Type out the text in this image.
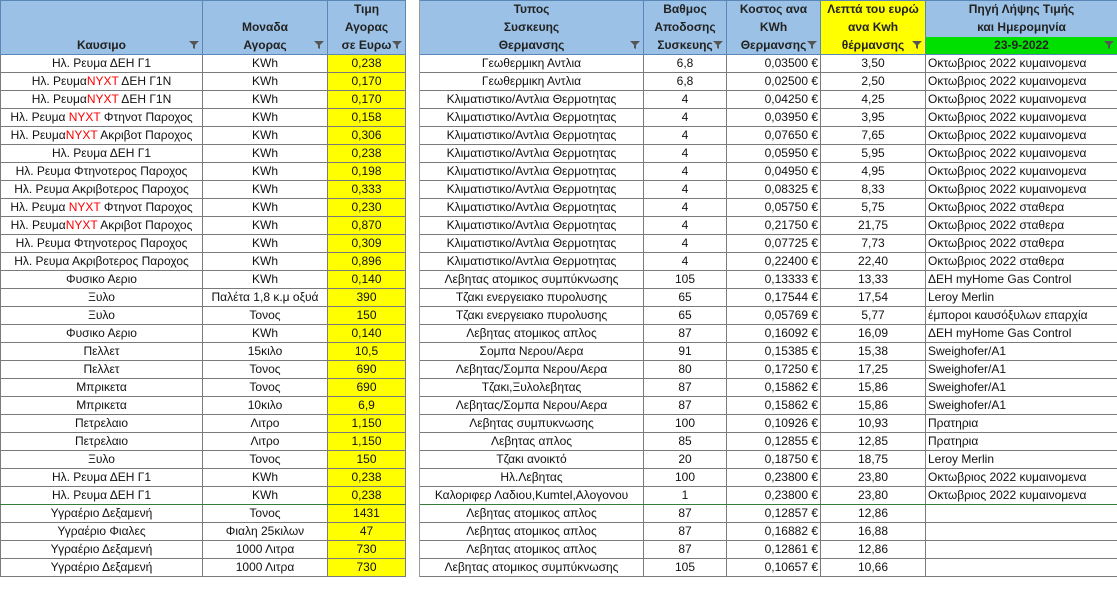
		Τιμη		Τυπος	Βαθμος	Κοστος ανα	Λεπτά του ευρώ	Πηγή Λήψης Τιμής
	Μοναδα	Αγορας		Συσκευης	Αποδοσης	KWh	ανα Kwh	και Ημερομηνία
Καυσιμο	Αγορας	σε Ευρω		Θερμανσης	Συσκευης	Θερμανσης	θέρμανσης	23-9-2022

Ηλ. Ρευμα ΔΕΗ Γ1	KWh	0,238		Γεωθερμικη Αντλια	6,8	0,03500 €	3,50	Οκτωβριος 2022 κυμαινομενα
Ηλ. ΡευμαΝΥΧΤ ΔΕΗ Γ1Ν	KWh	0,170		Γεωθερμικη Αντλια	6,8	0,02500 €	2,50	Οκτωβριος 2022 κυμαινομενα
Ηλ. ΡευμαΝΥΧΤ ΔΕΗ Γ1Ν	KWh	0,170		Κλιματιστικο/Αντλια Θερμοτητας	4	0,04250 €	4,25	Οκτωβριος 2022 κυμαινομενα
Ηλ. Ρευμα ΝΥΧΤ Φτηνοτ Παροχος	KWh	0,158		Κλιματιστικο/Αντλια Θερμοτητας	4	0,03950 €	3,95	Οκτωβριος 2022 κυμαινομενα
Ηλ. ΡευμαΝΥΧΤ Ακριβοτ Παροχος	KWh	0,306		Κλιματιστικο/Αντλια Θερμοτητας	4	0,07650 €	7,65	Οκτωβριος 2022 κυμαινομενα
Ηλ. Ρευμα ΔΕΗ Γ1	KWh	0,238		Κλιματιστικο/Αντλια Θερμοτητας	4	0,05950 €	5,95	Οκτωβριος 2022 κυμαινομενα
Ηλ. Ρευμα Φτηνοτερος Παροχος	KWh	0,198		Κλιματιστικο/Αντλια Θερμοτητας	4	0,04950 €	4,95	Οκτωβριος 2022 κυμαινομενα
Ηλ. Ρευμα Ακριβοτερος Παροχος	KWh	0,333		Κλιματιστικο/Αντλια Θερμοτητας	4	0,08325 €	8,33	Οκτωβριος 2022 κυμαινομενα
Ηλ. Ρευμα ΝΥΧΤ Φτηνοτ Παροχος	KWh	0,230		Κλιματιστικο/Αντλια Θερμοτητας	4	0,05750 €	5,75	Οκτωβριος 2022 σταθερα
Ηλ. ΡευμαΝΥΧΤ Ακριβοτ Παροχος	KWh	0,870		Κλιματιστικο/Αντλια Θερμοτητας	4	0,21750 €	21,75	Οκτωβριος 2022 σταθερα
Ηλ. Ρευμα Φτηνοτερος Παροχος	KWh	0,309		Κλιματιστικο/Αντλια Θερμοτητας	4	0,07725 €	7,73	Οκτωβριος 2022 σταθερα
Ηλ. Ρευμα Ακριβοτερος Παροχος	KWh	0,896		Κλιματιστικο/Αντλια Θερμοτητας	4	0,22400 €	22,40	Οκτωβριος 2022 σταθερα
Φυσικο Αεριο	KWh	0,140		Λεβητας ατομικος συμπύκνωσης	105	0,13333 €	13,33	ΔΕΗ myHome Gas Control
Ξυλο	Παλέτα 1,8 κ.μ οξυά	390		Τζακι ενεργειακο πυρολυσης	65	0,17544 €	17,54	Leroy Merlin
Ξυλο	Τονος	150		Τζακι ενεργειακο πυρολυσης	65	0,05769 €	5,77	έμποροι καυσόξυλων επαρχία
Φυσικο Αεριο	KWh	0,140		Λεβητας ατομικος απλος	87	0,16092 €	16,09	ΔΕΗ myHome Gas Control
Πελλετ	15κιλο	10,5		Σομπα Νερου/Αερα	91	0,15385 €	15,38	Sweighofer/A1
Πελλετ	Τονος	690		Λεβητας/Σομπα Νερου/Αερα	80	0,17250 €	17,25	Sweighofer/A1
Μπρικετα	Τονος	690		Τζακι,Ξυλολεβητας	87	0,15862 €	15,86	Sweighofer/A1
Μπρικετα	10κιλο	6,9		Λεβητας/Σομπα Νερου/Αερα	87	0,15862 €	15,86	Sweighofer/A1
Πετρελαιο	Λιτρο	1,150		Λεβητας συμπυκνωσης	100	0,10926 €	10,93	Πρατηρια
Πετρελαιο	Λιτρο	1,150		Λεβητας απλος	85	0,12855 €	12,85	Πρατηρια
Ξυλο	Τονος	150		Τζακι ανοικτό	20	0,18750 €	18,75	Leroy Merlin
Ηλ. Ρευμα ΔΕΗ Γ1	KWh	0,238		Ηλ.Λεβητας	100	0,23800 €	23,80	Οκτωβριος 2022 κυμαινομενα
Ηλ. Ρευμα ΔΕΗ Γ1	KWh	0,238		Καλοριφερ Λαδιου,Kumtel,Αλογονου	1	0,23800 €	23,80	Οκτωβριος 2022 κυμαινομενα
Υγραέριο Δεξαμενή	Τονος	1431		Λεβητας ατομικος απλος	87	0,12857 €	12,86	
Υγραέριο Φιαλες	Φιαλη 25κιλων	47		Λεβητας ατομικος απλος	87	0,16882 €	16,88	
Υγραέριο Δεξαμενή	1000 Λιτρα	730		Λεβητας ατομικος απλος	87	0,12861 €	12,86	
Υγραέριο Δεξαμενή	1000 Λιτρα	730		Λεβητας ατομικος συμπύκνωσης	105	0,10657 €	10,66	
